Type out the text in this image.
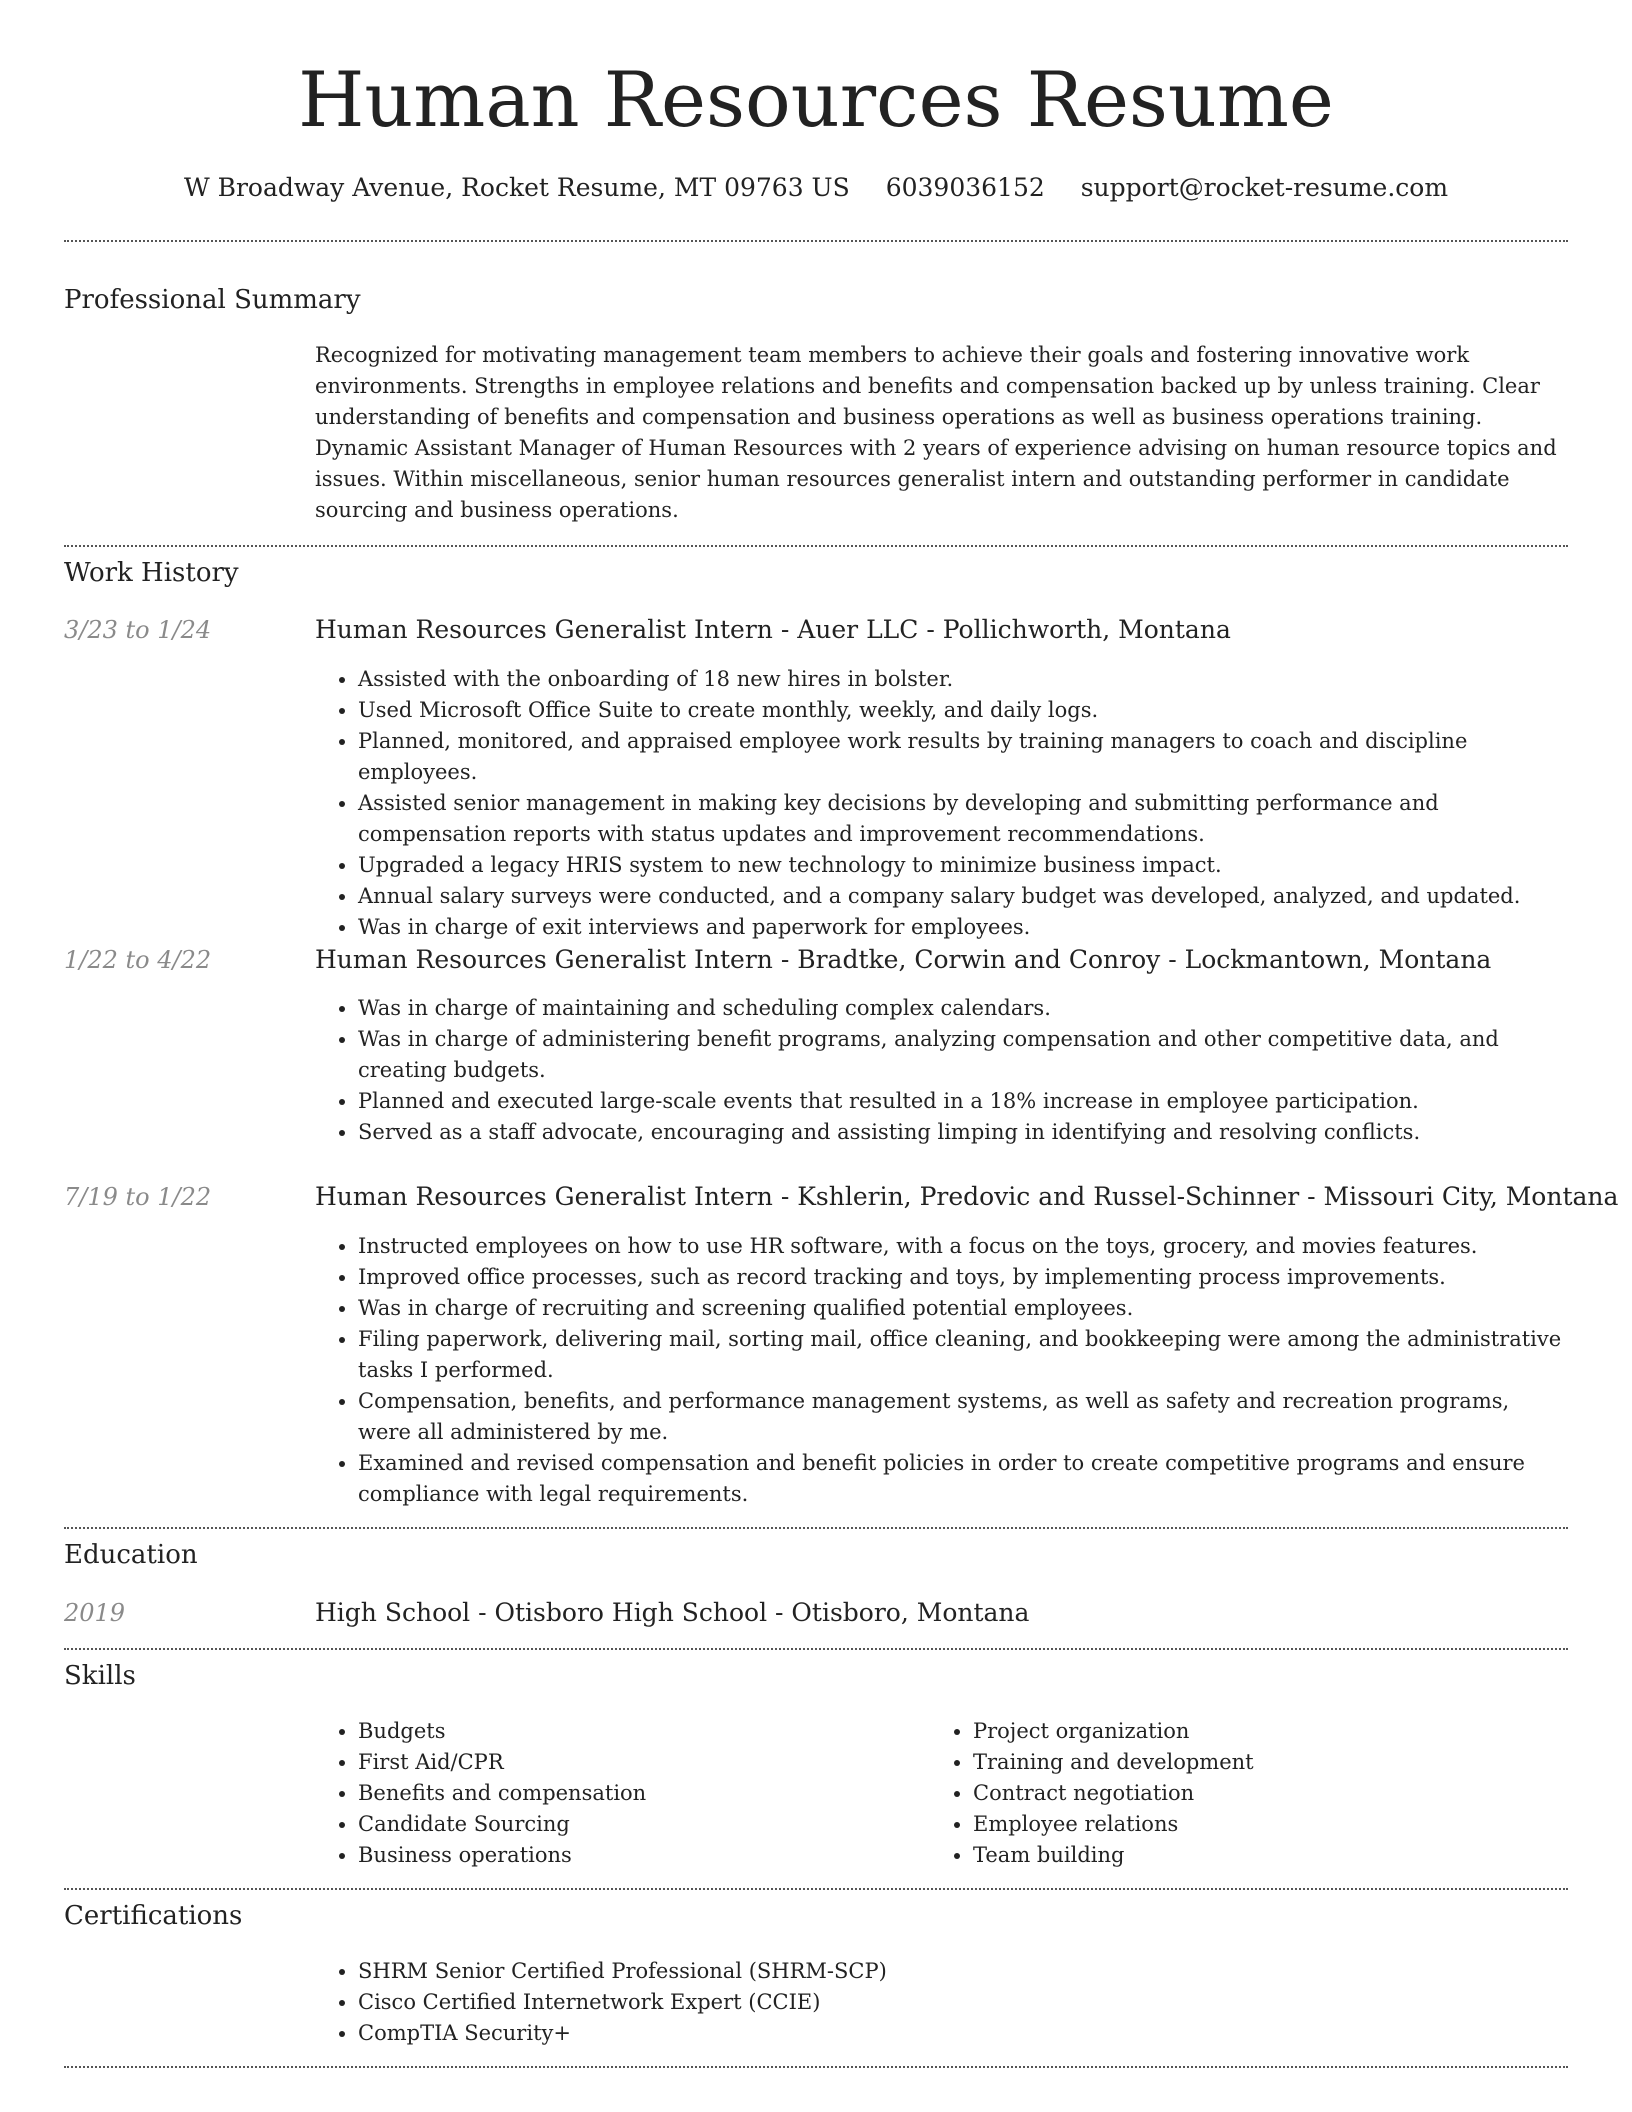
Human Resources Resume
W Broadway Avenue, Rocket Resume, MT 09763 US 6039036152 support@rocket-resume.com
Professional Summary
Recognized for motivating management team members to achieve their goals and fostering innovative work environments. Strengths in employee relations and benefits and compensation backed up by unless training. Clear understanding of benefits and compensation and business operations as well as business operations training. Dynamic Assistant Manager of Human Resources with 2 years of experience advising on human resource topics and issues. Within miscellaneous, senior human resources generalist intern and outstanding performer in candidate sourcing and business operations.
Work History
3/23 to 1/24	Human Resources Generalist Intern - Auer LLC - Pollichworth, Montana
• Assisted with the onboarding of 18 new hires in bolster.
• Used Microsoft Office Suite to create monthly, weekly, and daily logs.
• Planned, monitored, and appraised employee work results by training managers to coach and discipline employees.
• Assisted senior management in making key decisions by developing and submitting performance and compensation reports with status updates and improvement recommendations.
• Upgraded a legacy HRIS system to new technology to minimize business impact.
• Annual salary surveys were conducted, and a company salary budget was developed, analyzed, and updated.
• Was in charge of exit interviews and paperwork for employees.
1/22 to 4/22	Human Resources Generalist Intern - Bradtke, Corwin and Conroy - Lockmantown, Montana
• Was in charge of maintaining and scheduling complex calendars.
• Was in charge of administering benefit programs, analyzing compensation and other competitive data, and creating budgets.
• Planned and executed large-scale events that resulted in a 18% increase in employee participation.
• Served as a staff advocate, encouraging and assisting limping in identifying and resolving conflicts.
7/19 to 1/22	Human Resources Generalist Intern - Kshlerin, Predovic and Russel-Schinner - Missouri City, Montana
• Instructed employees on how to use HR software, with a focus on the toys, grocery, and movies features.
• Improved office processes, such as record tracking and toys, by implementing process improvements.
• Was in charge of recruiting and screening qualified potential employees.
• Filing paperwork, delivering mail, sorting mail, office cleaning, and bookkeeping were among the administrative tasks I performed.
• Compensation, benefits, and performance management systems, as well as safety and recreation programs, were all administered by me.
• Examined and revised compensation and benefit policies in order to create competitive programs and ensure compliance with legal requirements.
Education
2019	High School - Otisboro High School - Otisboro, Montana
Skills
• Budgets
• First Aid/CPR
• Benefits and compensation
• Candidate Sourcing
• Business operations
• Project organization
• Training and development
• Contract negotiation
• Employee relations
• Team building
Certifications
• SHRM Senior Certified Professional (SHRM-SCP)
• Cisco Certified Internetwork Expert (CCIE)
• CompTIA Security+
